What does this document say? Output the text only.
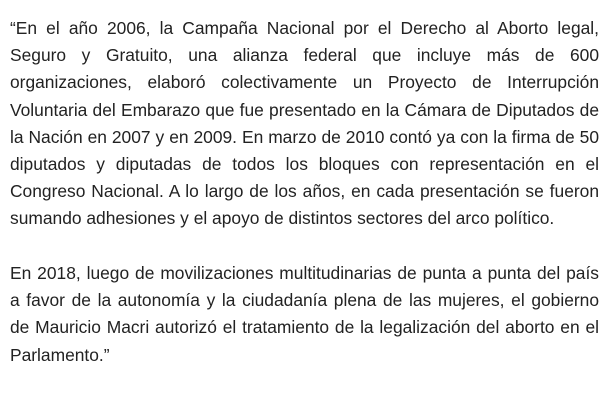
“En el año 2006, la Campaña Nacional por el Derecho al Aborto legal, Seguro y Gratuito, una alianza federal que incluye más de 600 organizaciones, elaboró colectivamente un Proyecto de Interrupción Voluntaria del Embarazo que fue presentado en la Cámara de Diputados de la Nación en 2007 y en 2009. En marzo de 2010 contó ya con la firma de 50 diputados y diputadas de todos los bloques con representación en el Congreso Nacional. A lo largo de los años, en cada presentación se fueron sumando adhesiones y el apoyo de distintos sectores del arco político.

En 2018, luego de movilizaciones multitudinarias de punta a punta del país a favor de la autonomía y la ciudadanía plena de las mujeres, el gobierno de Mauricio Macri autorizó el tratamiento de la legalización del aborto en el Parlamento.”
